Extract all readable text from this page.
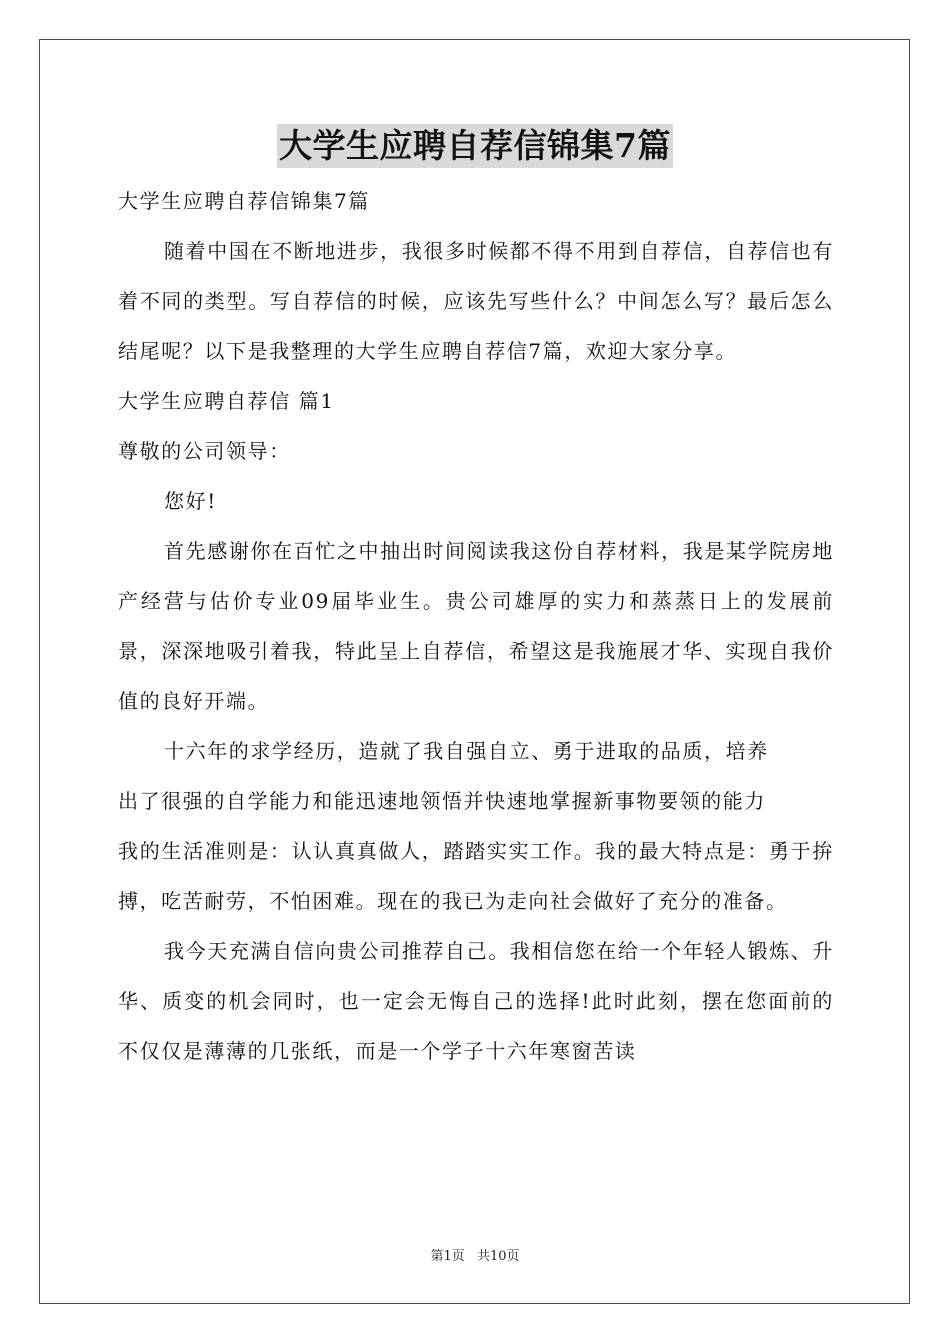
大学生应聘自荐信锦集7篇

大学生应聘自荐信锦集7篇

随着中国在不断地进步，我很多时候都不得不用到自荐信，自荐信也有着不同的类型。写自荐信的时候，应该先写些什么？中间怎么写？最后怎么结尾呢？以下是我整理的大学生应聘自荐信7篇，欢迎大家分享。

大学生应聘自荐信 篇1

尊敬的公司领导：

您好!

首先感谢你在百忙之中抽出时间阅读我这份自荐材料，我是某学院房地产经营与估价专业09届毕业生。贵公司雄厚的实力和蒸蒸日上的发展前景，深深地吸引着我，特此呈上自荐信，希望这是我施展才华、实现自我价值的良好开端。

十六年的求学经历，造就了我自强自立、勇于进取的品质，培养

出了很强的自学能力和能迅速地领悟并快速地掌握新事物要领的能力

我的生活准则是：认认真真做人，踏踏实实工作。我的最大特点是：勇于拚搏，吃苦耐劳，不怕困难。现在的我已为走向社会做好了充分的准备。

我今天充满自信向贵公司推荐自己。我相信您在给一个年轻人锻炼、升华、质变的机会同时，也一定会无悔自己的选择!此时此刻，摆在您面前的不仅仅是薄薄的几张纸，而是一个学子十六年寒窗苦读

第1页 共10页
